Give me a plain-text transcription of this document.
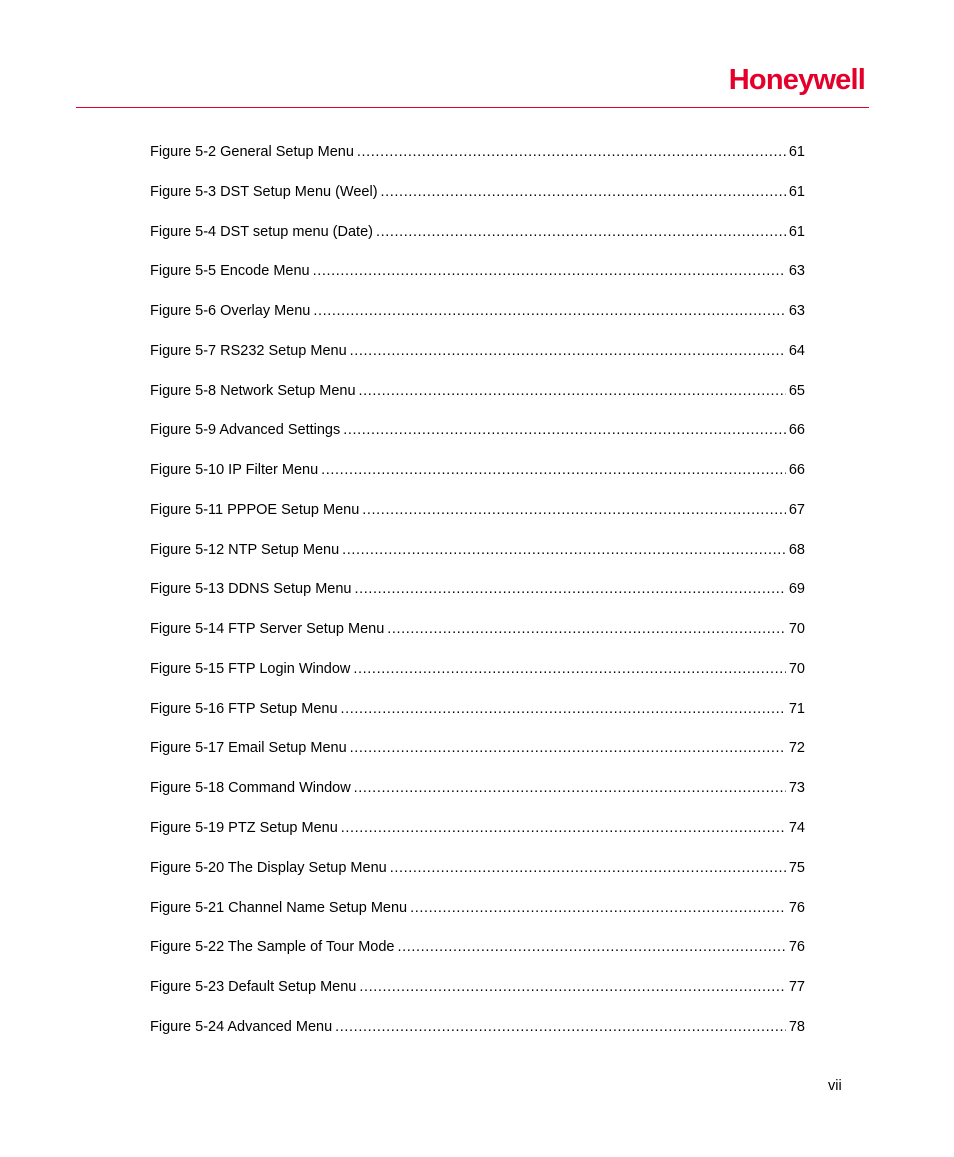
Honeywell
Figure 5-2 General Setup Menu .....	61
Figure 5-3 DST Setup Menu (Weel) .....	61
Figure 5-4 DST setup menu (Date) .....	61
Figure 5-5 Encode Menu .....	63
Figure 5-6 Overlay Menu .....	63
Figure 5-7 RS232 Setup Menu .....	64
Figure 5-8 Network Setup Menu .....	65
Figure 5-9 Advanced Settings .....	66
Figure 5-10 IP Filter Menu .....	66
Figure 5-11 PPPOE Setup Menu .....	67
Figure 5-12 NTP Setup Menu .....	68
Figure 5-13 DDNS Setup Menu .....	69
Figure 5-14 FTP Server Setup Menu .....	70
Figure 5-15 FTP Login Window .....	70
Figure 5-16 FTP Setup Menu .....	71
Figure 5-17 Email Setup Menu .....	72
Figure 5-18 Command Window .....	73
Figure 5-19 PTZ Setup Menu .....	74
Figure 5-20 The Display Setup Menu .....	75
Figure 5-21 Channel Name Setup Menu .....	76
Figure 5-22 The Sample of Tour Mode .....	76
Figure 5-23 Default Setup Menu .....	77
Figure 5-24 Advanced Menu .....	78
vii
